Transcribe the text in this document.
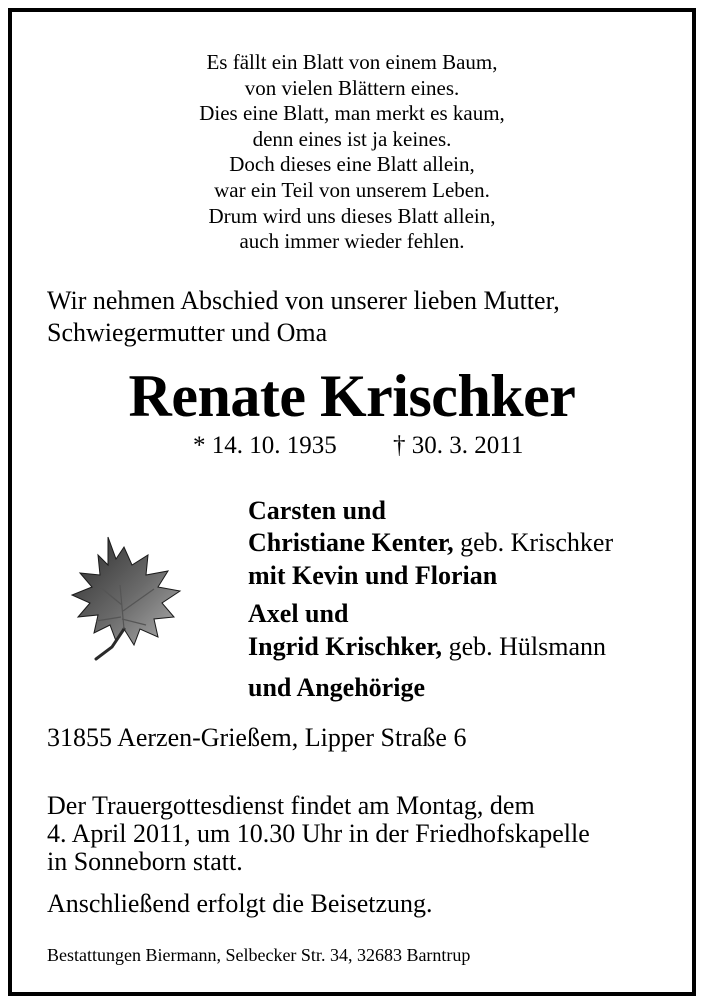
Es fällt ein Blatt von einem Baum,
von vielen Blättern eines.
Dies eine Blatt, man merkt es kaum,
denn eines ist ja keines.
Doch dieses eine Blatt allein,
war ein Teil von unserem Leben.
Drum wird uns dieses Blatt allein,
auch immer wieder fehlen.
Wir nehmen Abschied von unserer lieben Mutter,
Schwiegermutter und Oma
Renate Krischker
* 14. 10. 1935 † 30. 3. 2011
Carsten und
Christiane Kenter, geb. Krischker
mit Kevin und Florian
Axel und
Ingrid Krischker, geb. Hülsmann
und Angehörige
31855 Aerzen-Grießem, Lipper Straße 6
Der Trauergottesdienst findet am Montag, dem
4. April 2011, um 10.30 Uhr in der Friedhofskapelle
in Sonneborn statt.
Anschließend erfolgt die Beisetzung.
Bestattungen Biermann, Selbecker Str. 34, 32683 Barntrup
